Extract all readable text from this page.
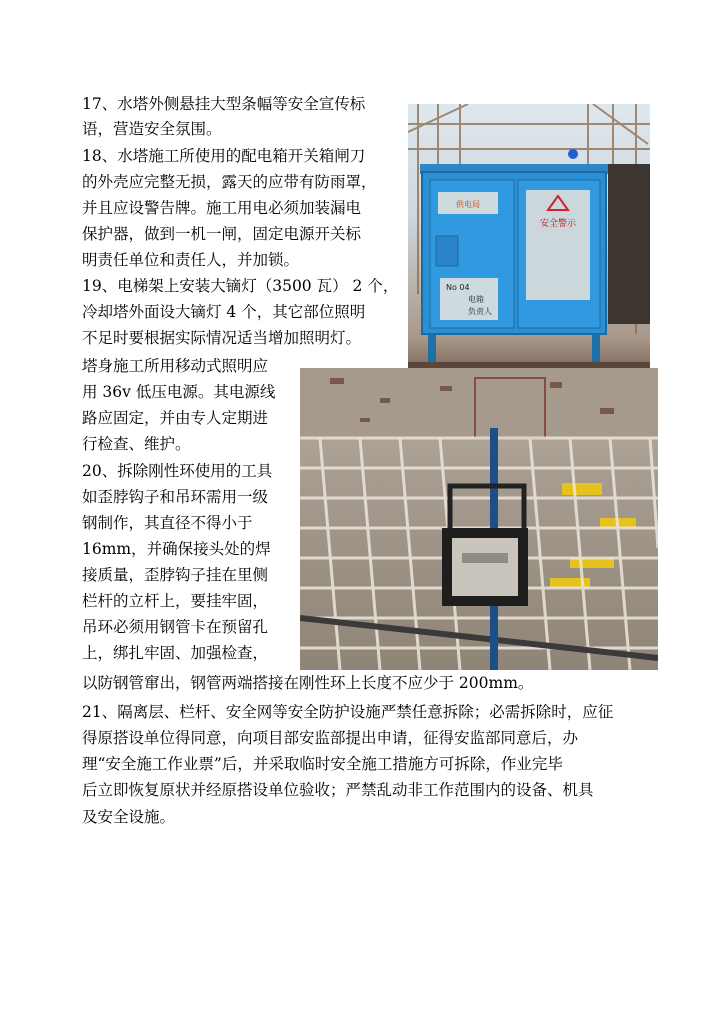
17、水塔外侧悬挂大型条幅等安全宣传标
语，营造安全氛围。
18、水塔施工所使用的配电箱开关箱闸刀
的外壳应完整无损，露天的应带有防雨罩，
并且应设警告牌。施工用电必须加装漏电
保护器，做到一机一闸，固定电源开关标
明责任单位和责任人，并加锁。
19、电梯架上安装大镝灯（3500 瓦） 2 个，
冷却塔外面设大镝灯 4 个，其它部位照明
不足时要根据实际情况适当增加照明灯。
塔身施工所用移动式照明应
用 36v 低压电源。其电源线
路应固定，并由专人定期进
行检查、维护。
20、拆除刚性环使用的工具
如歪脖钩子和吊环需用一级
钢制作，其直径不得小于
16mm，并确保接头处的焊
接质量，歪脖钩子挂在里侧
栏杆的立杆上，要挂牢固，
吊环必须用钢管卡在预留孔
上，绑扎牢固、加强检查，
以防钢管窜出，钢管两端搭接在刚性环上长度不应少于 200mm。
21、隔离层、栏杆、安全网等安全防护设施严禁任意拆除；必需拆除时，应征
得原搭设单位得同意，向项目部安监部提出申请，征得安监部同意后，办
理“安全施工作业票”后，并采取临时安全施工措施方可拆除，作业完毕
后立即恢复原状并经原搭设单位验收；严禁乱动非工作范围内的设备、机具
及安全设施。
安全警示
供电局
No 04
电箱
负责人
